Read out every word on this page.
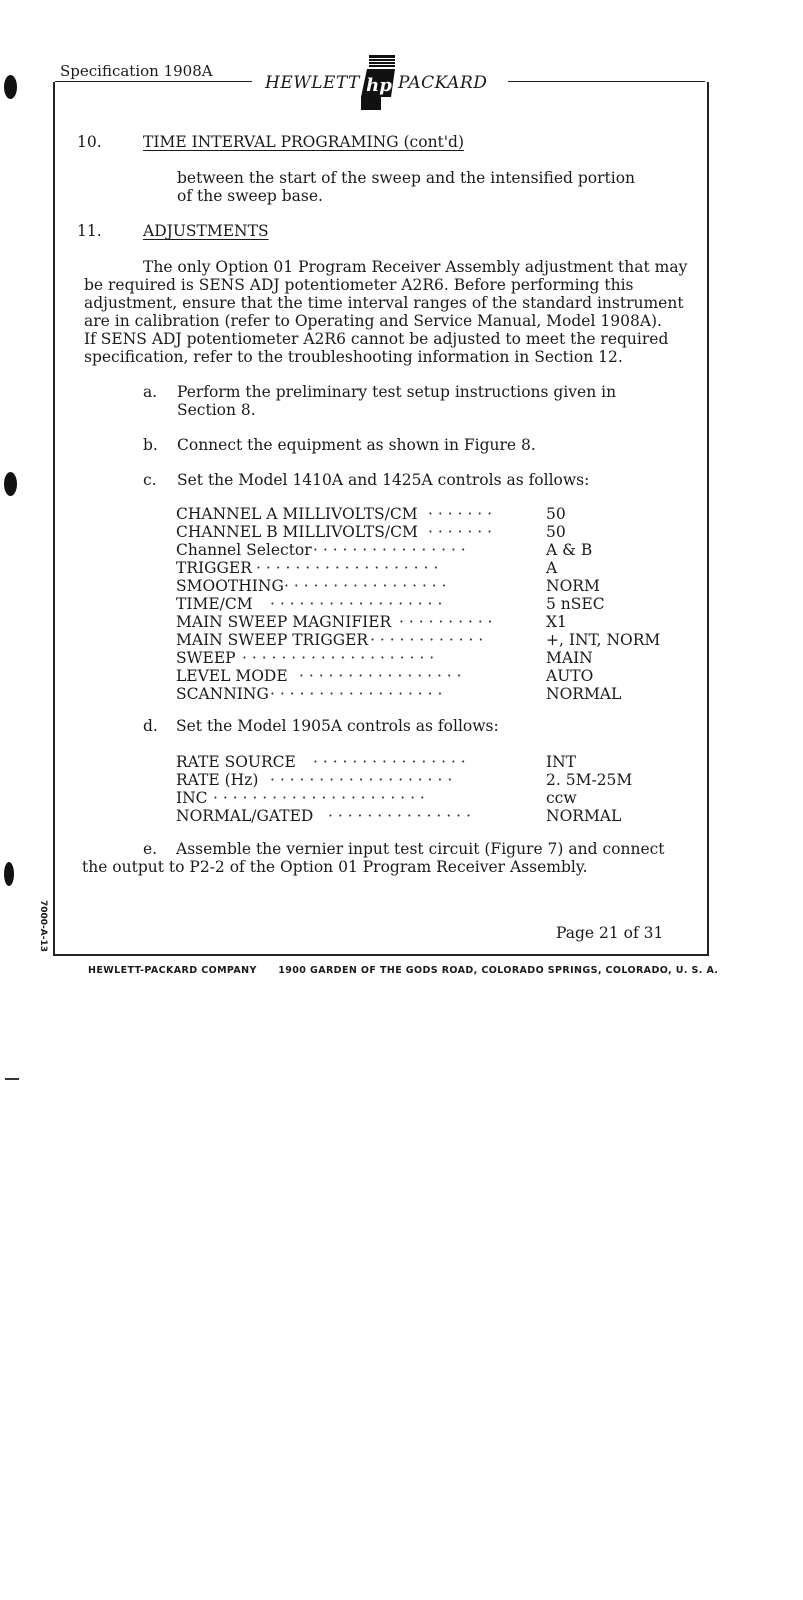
Specification 1908A
HEWLETT hp PACKARD
10.	TIME INTERVAL PROGRAMING (cont'd)
between the start of the sweep and the intensified portion
of the sweep base.
11.	ADJUSTMENTS
The only Option 01 Program Receiver Assembly adjustment that may
be required is SENS ADJ potentiometer A2R6. Before performing this
adjustment, ensure that the time interval ranges of the standard instrument
are in calibration (refer to Operating and Service Manual, Model 1908A).
If SENS ADJ potentiometer A2R6 cannot be adjusted to meet the required
specification, refer to the troubleshooting information in Section 12.
a. Perform the preliminary test setup instructions given in
Section 8.
b. Connect the equipment as shown in Figure 8.
c. Set the Model 1410A and 1425A controls as follows:
CHANNEL A MILLIVOLTS/CM · · · · · · ·	50
CHANNEL B MILLIVOLTS/CM · · · · · · ·	50
Channel Selector · · · · · · · · · · · · · · · ·	A & B
TRIGGER · · · · · · · · · · · · · · · · · · ·	A
SMOOTHING · · · · · · · · · · · · · · · · ·	NORM
TIME/CM · · · · · · · · · · · · · · · · · ·	5 nSEC
MAIN SWEEP MAGNIFIER · · · · · · · · · ·	X1
MAIN SWEEP TRIGGER · · · · · · · · · · · ·	+, INT, NORM
SWEEP · · · · · · · · · · · · · · · · · · · ·	MAIN
LEVEL MODE · · · · · · · · · · · · · · · · ·	AUTO
SCANNING · · · · · · · · · · · · · · · · · ·	NORMAL
d. Set the Model 1905A controls as follows:
RATE SOURCE · · · · · · · · · · · · · · · ·	INT
RATE (Hz) · · · · · · · · · · · · · · · · · · ·	2. 5M-25M
INC · · · · · · · · · · · · · · · · · · · · · ·	ccw
NORMAL/GATED · · · · · · · · · · · · · · ·	NORMAL
e. Assemble the vernier input test circuit (Figure 7) and connect
the output to P2-2 of the Option 01 Program Receiver Assembly.
Page 21 of 31
7000-A-13
HEWLETT-PACKARD COMPANY 1900 GARDEN OF THE GODS ROAD, COLORADO SPRINGS, COLORADO, U. S. A.
